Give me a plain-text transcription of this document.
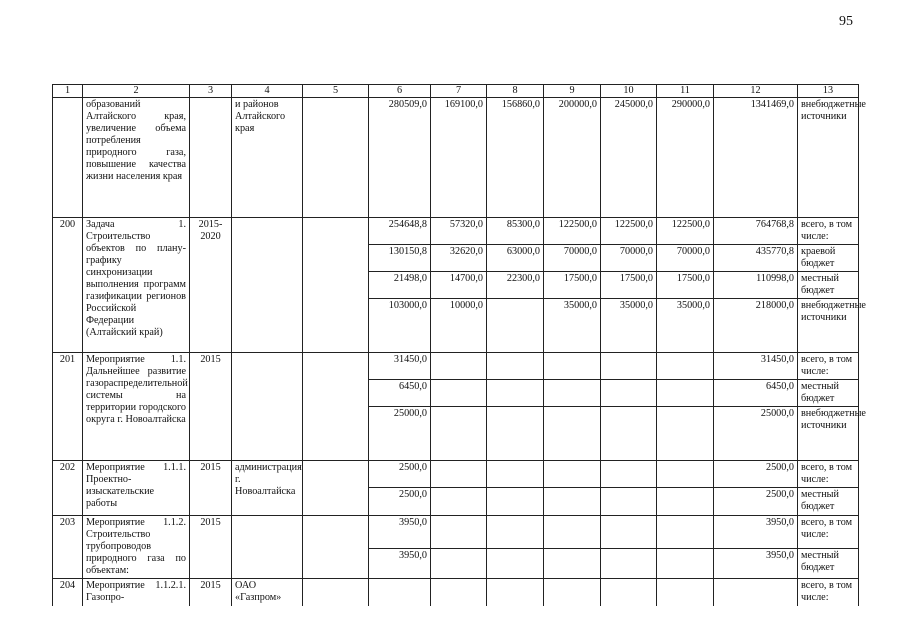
95
1	2	3	4	5	6	7	8	9	10	11	12	13
	образований Алтайского края, увеличение объема потребления природного газа, повышение качества жизни населения края		и районов Алтайского края		280509,0	169100,0	156860,0	200000,0	245000,0	290000,0	1341469,0	внебюджетные источники
200	Задача 1. Строительство объектов по плану-графику синхронизации выполнения программ газификации регионов Российской Федерации (Алтайский край)	2015-2020			254648,8	57320,0	85300,0	122500,0	122500,0	122500,0	764768,8	всего, в том числе:
					130150,8	32620,0	63000,0	70000,0	70000,0	70000,0	435770,8	краевой бюджет
					21498,0	14700,0	22300,0	17500,0	17500,0	17500,0	110998,0	местный бюджет
					103000,0	10000,0		35000,0	35000,0	35000,0	218000,0	внебюджетные источники
201	Мероприятие 1.1. Дальнейшее развитие газораспределительной системы на территории городского округа г. Новоалтайска	2015			31450,0						31450,0	всего, в том числе:
					6450,0						6450,0	местный бюджет
					25000,0						25000,0	внебюджетные источники
202	Мероприятие 1.1.1. Проектно-изыскательские работы	2015	администрация г. Новоалтайска		2500,0						2500,0	всего, в том числе:
					2500,0						2500,0	местный бюджет
203	Мероприятие 1.1.2. Строительство трубопроводов природного газа по объектам:	2015			3950,0						3950,0	всего, в том числе:
					3950,0						3950,0	местный бюджет
204	Мероприятие 1.1.2.1. Газопро-	2015	ОАО «Газпром»									всего, в том числе:
